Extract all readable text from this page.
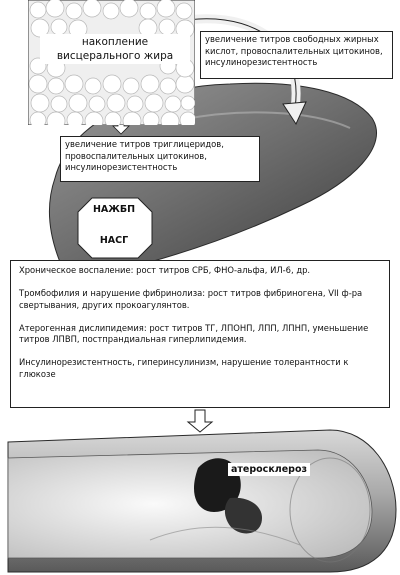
накопление висцерального жира
увеличение титров свободных жирных кислот, провоспалительных цитокинов, инсулинорезистентность
увеличение титров триглицеридов, провоспалительных цитокинов, инсулинорезистентность
НАЖБП
НАСГ

Хроническое воспаление: рост титров СРБ, ФНО-альфа, ИЛ-6, др.

Тромбофилия и нарушение фибринолиза: рост титров фибриногена, VII ф-ра свертывания, других прокоагулянтов.

Атерогенная дислипидемия: рост титров ТГ, ЛПОНП, ЛПП, ЛПНП, уменьшение титров ЛПВП, постпрандиальная гиперлипидемия.

Инсулинорезистентность, гиперинсулинизм, нарушение толерантности к глюкозе

атеросклероз
